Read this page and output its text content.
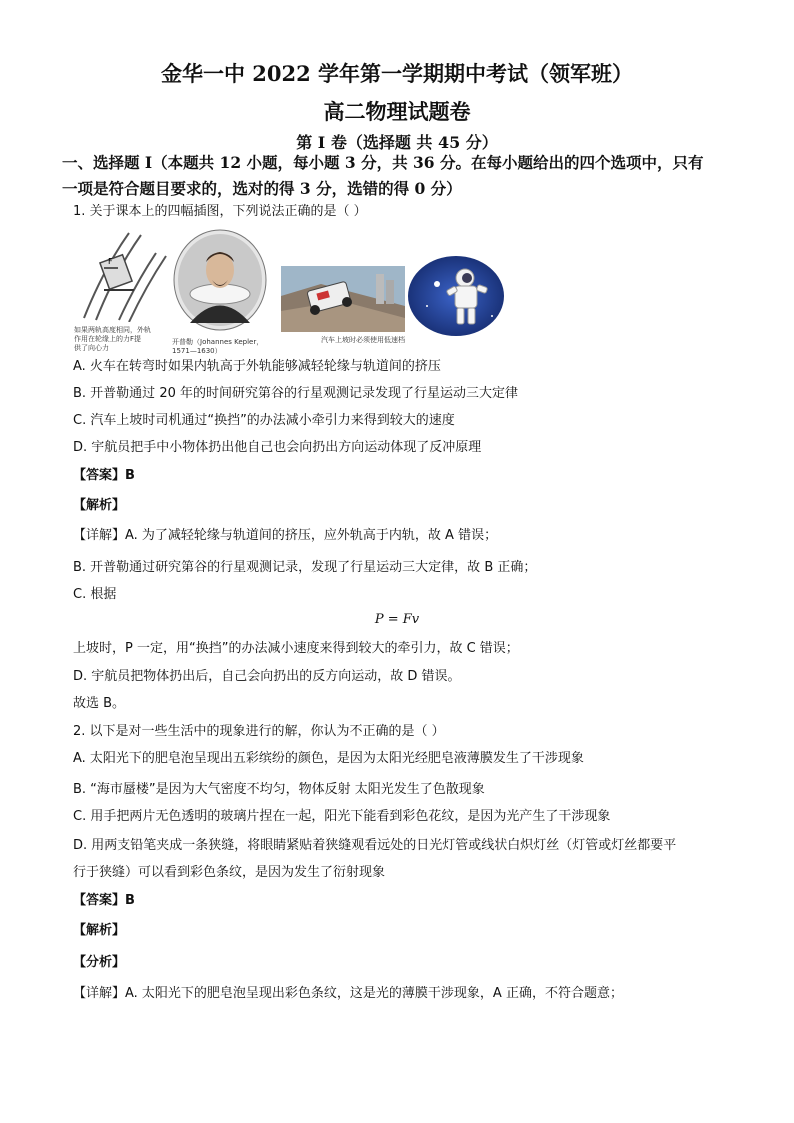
金华一中 2022 学年第一学期期中考试（领军班）
高二物理试题卷
第 I 卷（选择题 共 45 分）
一、选择题 I（本题共 12 小题，每小题 3 分，共 36 分。在每小题给出的四个选项中，只有
一项是符合题目要求的，选对的得 3 分，选错的得 0 分）
1. 关于课本上的四幅插图，下列说法正确的是（ ）
F
如果两轨高度相同，外轨
作用在轮缘上的力F提
供了向心力
开普勒（Johannes Kepler，1571—1630）
汽车上坡时必须使用低速档
A. 火车在转弯时如果内轨高于外轨能够减轻轮缘与轨道间的挤压
B. 开普勒通过 20 年的时间研究第谷的行星观测记录发现了行星运动三大定律
C. 汽车上坡时司机通过“换挡”的办法减小牵引力来得到较大的速度
D. 宇航员把手中小物体扔出他自己也会向扔出方向运动体现了反冲原理
【答案】B
【解析】
【详解】A. 为了减轻轮缘与轨道间的挤压，应外轨高于内轨，故 A 错误；
B. 开普勒通过研究第谷的行星观测记录，发现了行星运动三大定律，故 B 正确；
C. 根据
P = Fv
上坡时，P 一定，用“换挡”的办法减小速度来得到较大的牵引力，故 C 错误；
D. 宇航员把物体扔出后，自己会向扔出的反方向运动，故 D 错误。
故选 B。
2. 以下是对一些生活中的现象进行的解，你认为不正确的是（ ）
A. 太阳光下的肥皂泡呈现出五彩缤纷的颜色，是因为太阳光经肥皂液薄膜发生了干涉现象
B. “海市蜃楼”是因为大气密度不均匀，物体反射 太阳光发生了色散现象
C. 用手把两片无色透明的玻璃片捏在一起，阳光下能看到彩色花纹，是因为光产生了干涉现象
D. 用两支铅笔夹成一条狭缝，将眼睛紧贴着狭缝观看远处的日光灯管或线状白炽灯丝（灯管或灯丝都要平
行于狭缝）可以看到彩色条纹，是因为发生了衍射现象
【答案】B
【解析】
【分析】
【详解】A. 太阳光下的肥皂泡呈现出彩色条纹，这是光的薄膜干涉现象，A 正确，不符合题意；
